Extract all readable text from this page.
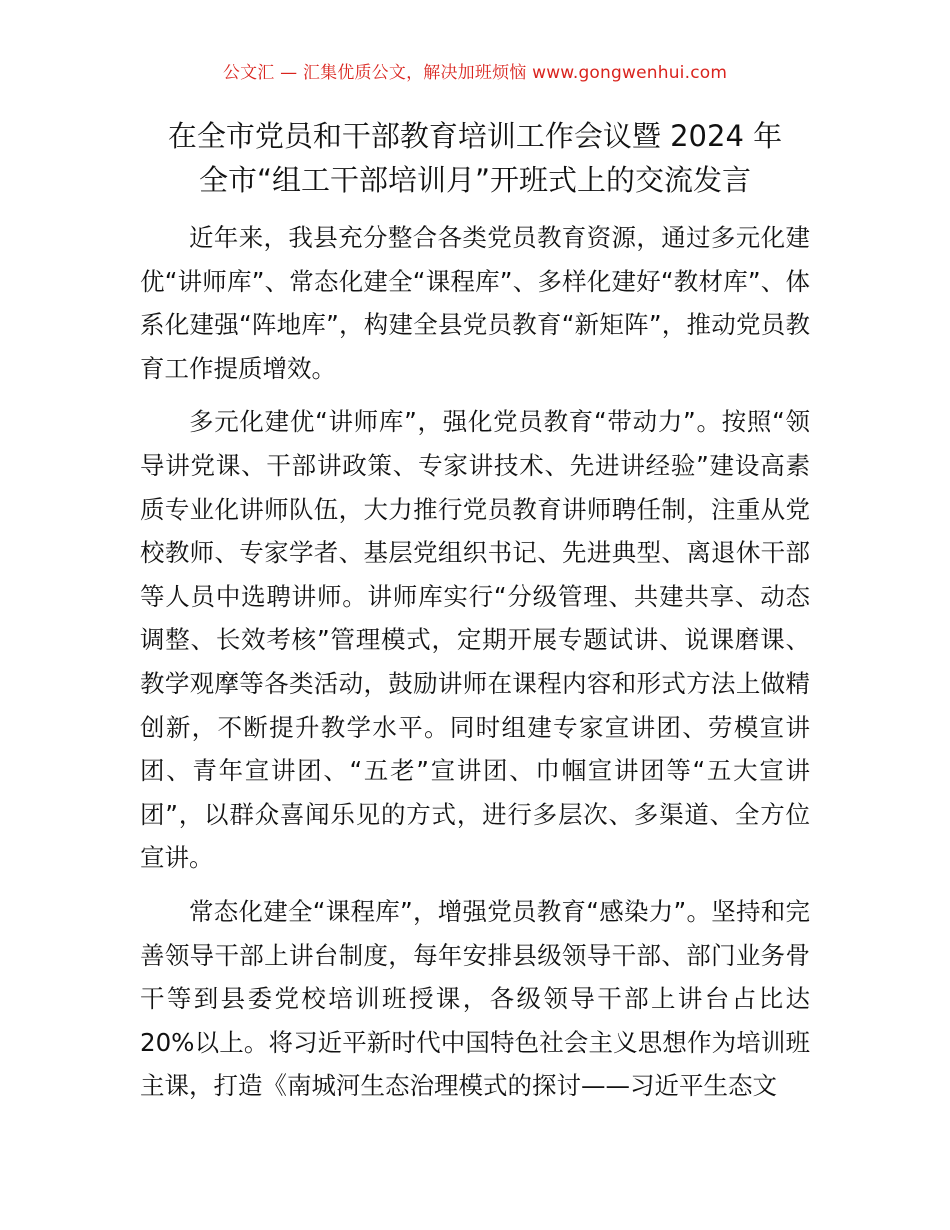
公文汇 — 汇集优质公文，解决加班烦恼 www.gongwenhui.com
在全市党员和干部教育培训工作会议暨 2024 年
全市“组工干部培训月”开班式上的交流发言

近年来，我县充分整合各类党员教育资源，通过多元化建优“讲师库”、常态化建全“课程库”、多样化建好“教材库”、体系化建强“阵地库”，构建全县党员教育“新矩阵”，推动党员教育工作提质增效。

多元化建优“讲师库”，强化党员教育“带动力”。按照“领导讲党课、干部讲政策、专家讲技术、先进讲经验”建设高素质专业化讲师队伍，大力推行党员教育讲师聘任制，注重从党校教师、专家学者、基层党组织书记、先进典型、离退休干部等人员中选聘讲师。讲师库实行“分级管理、共建共享、动态调整、长效考核”管理模式，定期开展专题试讲、说课磨课、教学观摩等各类活动，鼓励讲师在课程内容和形式方法上做精创新，不断提升教学水平。同时组建专家宣讲团、劳模宣讲团、青年宣讲团、“五老”宣讲团、巾帼宣讲团等“五大宣讲团”，以群众喜闻乐见的方式，进行多层次、多渠道、全方位宣讲。

常态化建全“课程库”，增强党员教育“感染力”。坚持和完善领导干部上讲台制度，每年安排县级领导干部、部门业务骨干等到县委党校培训班授课，各级领导干部上讲台占比达 20%以上。将习近平新时代中国特色社会主义思想作为培训班主课，打造《南城河生态治理模式的探讨——习近平生态文
